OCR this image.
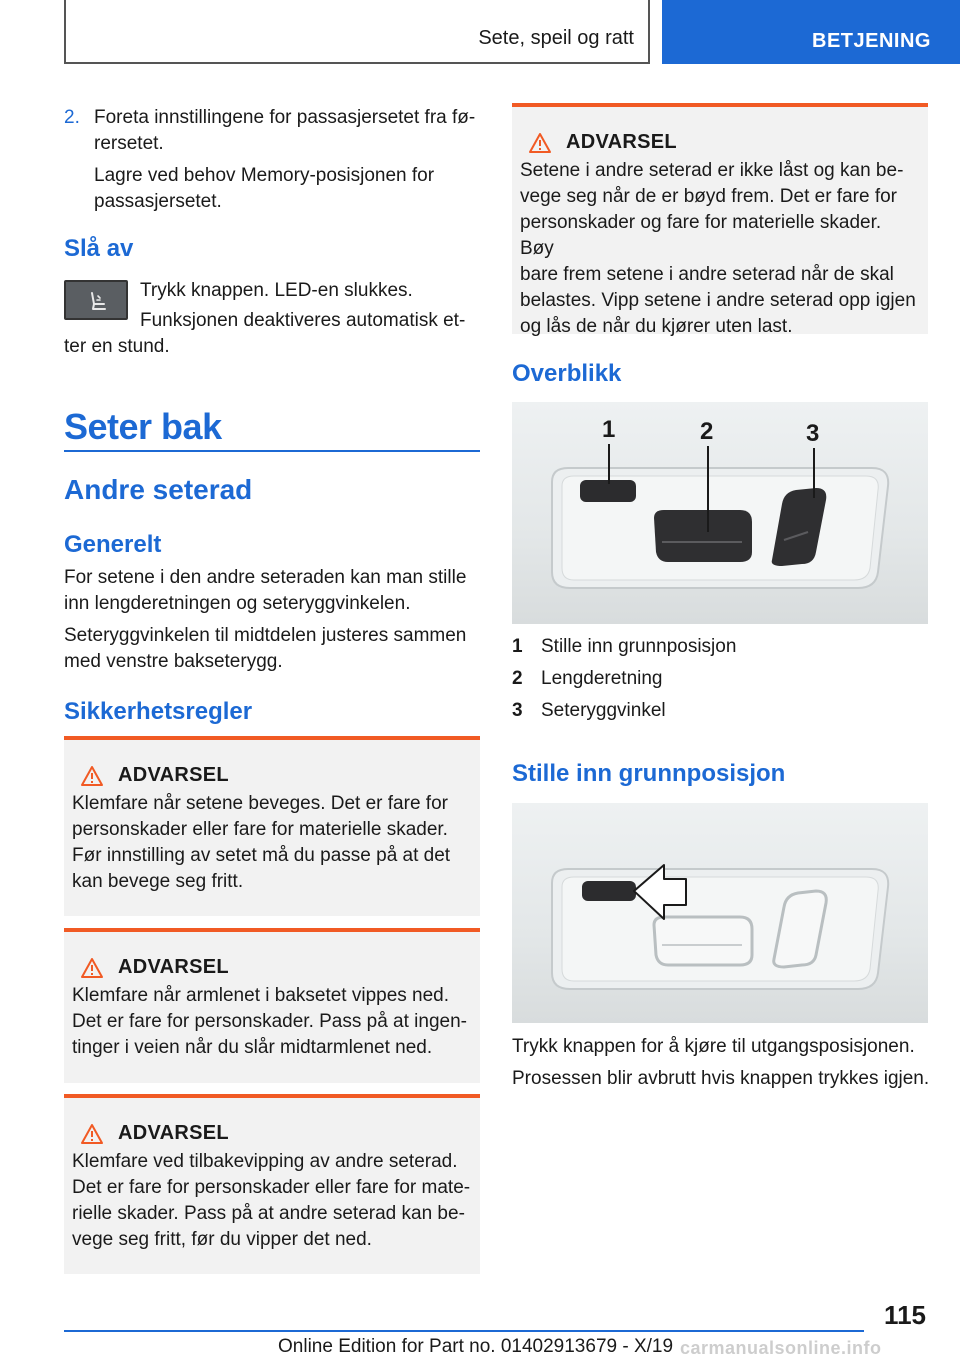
Sete, speil og ratt	BETJENING
2. Foreta innstillingene for passasjersetet fra fø-
rersetet.
Lagre ved behov Memory-posisjonen for
passasjersetet.
Slå av
Trykk knappen. LED-en slukkes.
Funksjonen deaktiveres automatisk et-
ter en stund.
Seter bak
Andre seterad
Generelt
For setene i den andre seteraden kan man stille
inn lengderetningen og seteryggvinkelen.
Seteryggvinkelen til midtdelen justeres sammen
med venstre bakseterygg.
Sikkerhetsregler
ADVARSEL
Klemfare når setene beveges. Det er fare for
personskader eller fare for materielle skader.
Før innstilling av setet må du passe på at det
kan bevege seg fritt.
ADVARSEL
Klemfare når armlenet i baksetet vippes ned.
Det er fare for personskader. Pass på at ingen-
tinger i veien når du slår midtarmlenet ned.
ADVARSEL
Klemfare ved tilbakevipping av andre seterad.
Det er fare for personskader eller fare for mate-
rielle skader. Pass på at andre seterad kan be-
vege seg fritt, før du vipper det ned.
ADVARSEL
Setene i andre seterad er ikke låst og kan be-
vege seg når de er bøyd frem. Det er fare for
personskader og fare for materielle skader. Bøy
bare frem setene i andre seterad når de skal
belastes. Vipp setene i andre seterad opp igjen
og lås de når du kjører uten last.
Overblikk
1	2	3
1 Stille inn grunnposisjon
2 Lengderetning
3 Seteryggvinkel
Stille inn grunnposisjon
Trykk knappen for å kjøre til utgangsposisjonen.
Prosessen blir avbrutt hvis knappen trykkes igjen.
115
Online Edition for Part no. 01402913679 - X/19 carmanualsonline.info
